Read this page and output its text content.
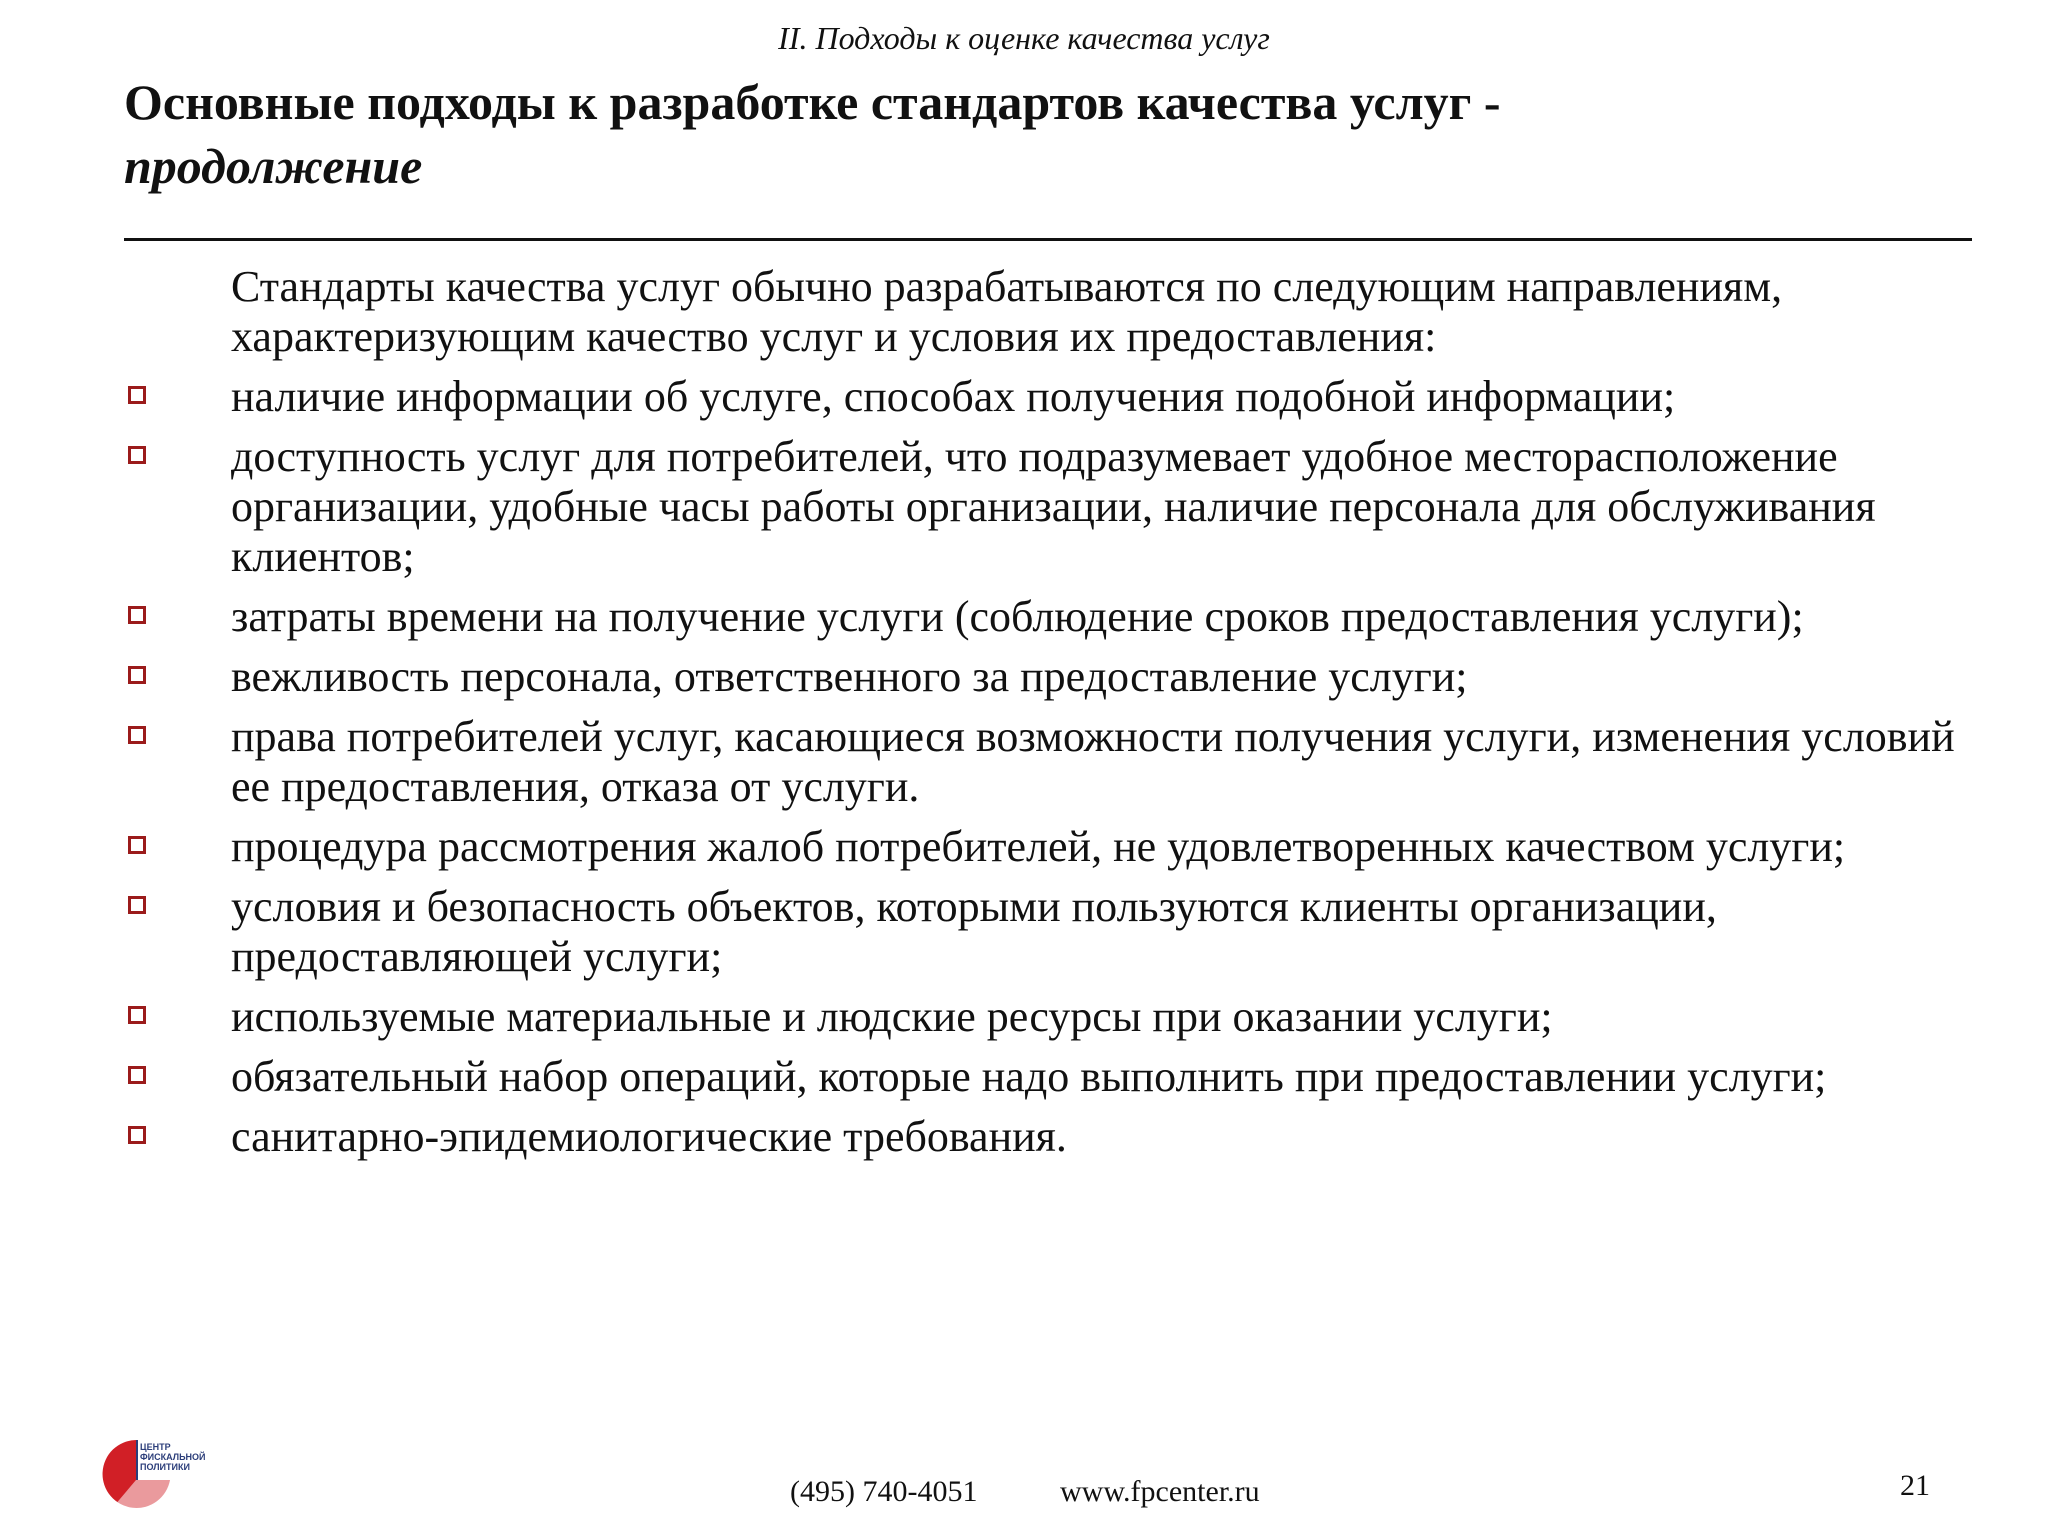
II. Подходы к оценке качества услуг
Основные подходы к разработке стандартов качества услуг -
продолжение
Стандарты качества услуг обычно разрабатываются по следующим направлениям, характеризующим качество услуг и условия их предоставления:
наличие информации об услуге, способах получения подобной информации;
доступность услуг для потребителей, что подразумевает удобное месторасположение организации, удобные часы работы организации, наличие персонала для обслуживания клиентов;
затраты времени на получение услуги (соблюдение сроков предоставления услуги);
вежливость персонала, ответственного за предоставление услуги;
права потребителей услуг, касающиеся возможности получения услуги, изменения условий ее предоставления, отказа от услуги.
процедура рассмотрения жалоб потребителей, не удовлетворенных качеством услуги;
условия и безопасность объектов, которыми пользуются клиенты организации, предоставляющей услуги;
используемые материальные и людские ресурсы при оказании услуги;
обязательный набор операций, которые надо выполнить при предоставлении услуги;
санитарно-эпидемиологические требования.
ЦЕНТР
ФИСКАЛЬНОЙ
ПОЛИТИКИ
(495) 740-4051	www.fpcenter.ru	21
